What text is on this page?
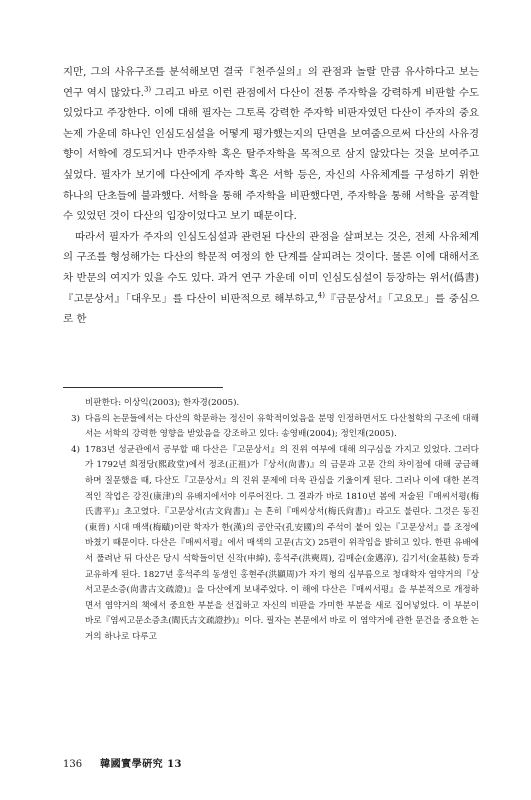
지만, 그의 사유구조를 분석해보면 결국『천주실의』의 관점과 놀랄 만큼 유사하다고 보는 연구 역시 많았다.$^{3)}$ 그리고 바로 이런 관점에서 다산이 전통 주자학을 강력하게 비판할 수도 있었다고 주장한다. 이에 대해 필자는 그토록 강력한 주자학 비판자였던 다산이 주자의 중요 논제 가운데 하나인 인심도심설을 어떻게 평가했는지의 단면을 보여줌으로써 다산의 사유경향이 서학에 경도되거나 반주자학 혹은 탈주자학을 목적으로 삼지 않았다는 것을 보여주고 싶었다. 필자가 보기에 다산에게 주자학 혹은 서학 등은, 자신의 사유체계를 구성하기 위한 하나의 단초들에 불과했다. 서학을 통해 주자학을 비판했다면, 주자학을 통해 서학을 공격할 수 있었던 것이 다산의 입장이었다고 보기 때문이다.

따라서 필자가 주자의 인심도심설과 관련된 다산의 관점을 살펴보는 것은, 전체 사유체계의 구조를 형성해가는 다산의 학문적 여정의 한 단계를 살피려는 것이다. 물론 이에 대해서조차 반문의 여지가 있을 수도 있다. 과거 연구 가운데 이미 인심도심설이 등장하는 위서(僞書)『고문상서』「대우모」를 다산이 비판적으로 해부하고,$^{4)}$『금문상서』「고요모」를 중심으로 한

비판한다: 이상익(2003); 한자경(2005).
3) 다음의 논문들에서는 다산의 학문하는 정신이 유학적이었음을 분명 인정하면서도 다산철학의 구조에 대해서는 서학의 강력한 영향을 받았음을 강조하고 있다: 송영배(2004); 정인재(2005).
4) 1783년 성균관에서 공부할 때 다산은『고문상서』의 진위 여부에 대해 의구심을 가지고 있었다. 그러다가 1792년 희정당(熙政堂)에서 정조(正祖)가『상서(尙書)』의 금문과 고문 간의 차이점에 대해 궁금해 하며 질문했을 때, 다산도『고문상서』의 진위 문제에 더욱 관심을 기울이게 된다. 그러나 이에 대한 본격적인 작업은 강진(康津)의 유배지에서야 이루어진다. 그 결과가 바로 1810년 봄에 저술된『매씨서평(梅氏書平)』초고였다.『고문상서(古文尙書)』는 흔히『매씨상서(梅氏尙書)』라고도 불린다. 그것은 동진(東晉) 시대 매색(梅賾)이란 학자가 한(漢)의 공안국(孔安國)의 주석이 붙어 있는『고문상서』를 조정에 바쳤기 때문이다. 다산은『매씨서평』에서 매색의 고문(古文) 25편이 위작임을 밝히고 있다. 한편 유배에서 풀려난 뒤 다산은 당시 석학들이던 신작(申綽), 홍석주(洪奭周), 김매순(金邁淳), 김기서(金基敍) 등과 교유하게 된다. 1827년 홍석주의 동생인 홍현주(洪顯周)가 자기 형의 심부름으로 청대학자 염약거의『상서고문소증(尙書古文疏證)』을 다산에게 보내주었다. 이 해에 다산은『매씨서평』을 부분적으로 개정하면서 염약거의 책에서 중요한 부분을 선집하고 자신의 비판을 가미한 부분을 새로 집어넣었다. 이 부분이 바로『염씨고문소증초(閻氏古文疏證抄)』이다. 필자는 본문에서 바로 이 염약거에 관한 문건을 중요한 논거의 하나로 다루고
136 韓國實學硏究 13
